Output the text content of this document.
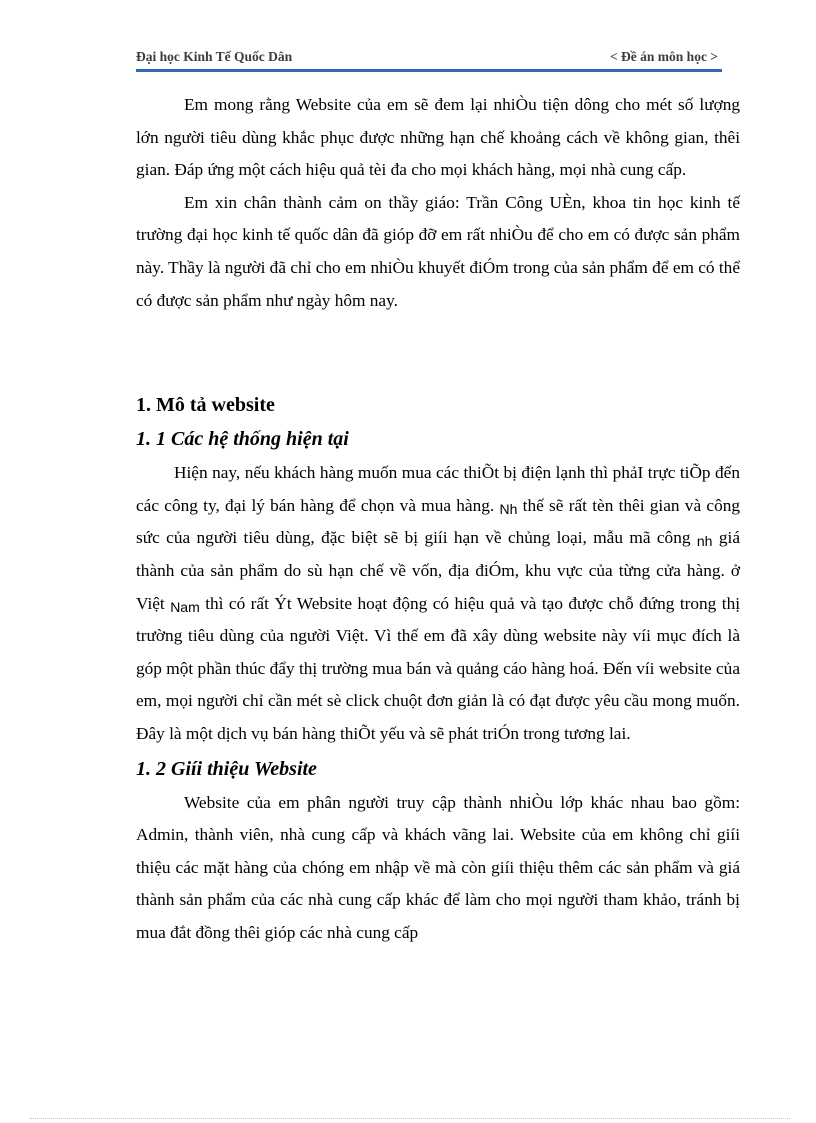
Đại học Kinh Tế Quốc Dân	< Đề án môn học >

Em mong rằng Website của em sẽ đem lại nhiÒu tiện dông cho mét số lượng lớn người tiêu dùng khắc phục được những hạn chế khoảng cách về không gian, thêi gian. Đáp ứng một cách hiệu quả tèi đa cho mọi khách hàng, mọi nhà cung cấp.

Em xin chân thành cảm on thầy giáo: Trần Công UÈn, khoa tin học kinh tế trường đại học kinh tế quốc dân đã gióp đỡ em rất nhiÒu để cho em có được sản phẩm này. Thầy là người đã chỉ cho em nhiÒu khuyết điÓm trong của sản phẩm để em có thể có được sản phẩm như ngày hôm nay.

1. Mô tả website
1. 1 Các hệ thống hiện tại

Hiện nay, nếu khách hàng muốn mua các thiÕt bị điện lạnh thì phảI trực tiÕp đến các công ty, đại lý bán hàng để chọn và mua hàng. Nh thế sẽ rất tèn thêi gian và công sức của người tiêu dùng, đặc biệt sẽ bị giíi hạn về chủng loại, mẫu mã công nh giá thành của sản phẩm do sù hạn chế về vốn, địa điÓm, khu vực của từng cửa hàng. ở Việt Nam thì có rất Ýt Website hoạt động có hiệu quả và tạo được chỗ đứng trong thị trường tiêu dùng của người Việt. Vì thế em đã xây dùng website này víi mục đích là góp một phần thúc đẩy thị trường mua bán và quảng cáo hàng hoá. Đến víi website của em, mọi người chỉ cần mét sè click chuột đơn giản là có đạt được yêu cầu mong muốn. Đây là một dịch vụ bán hàng thiÕt yếu và sẽ phát triÓn trong tương lai.

1. 2 Giíi thiệu Website

Website của em phân người truy cập thành nhiÒu lớp khác nhau bao gồm: Admin, thành viên, nhà cung cấp và khách vãng lai. Website của em không chỉ giíi thiệu các mặt hàng của chóng em nhập về mà còn giíi thiệu thêm các sản phẩm và giá thành sản phẩm của các nhà cung cấp khác để làm cho mọi người tham khảo, tránh bị mua đắt đồng thêi gióp các nhà cung cấp
